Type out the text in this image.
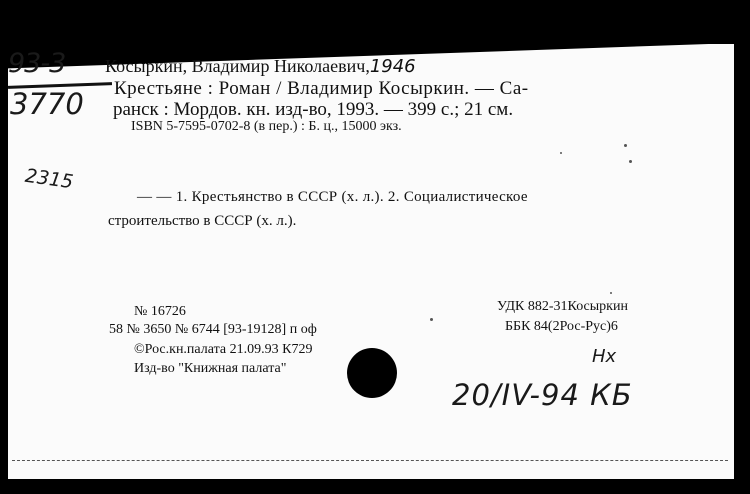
93-3
3770
Косыркин, Владимир Николаевич,1946
Крестьяне : Роман / Владимир Косыркин. — Са-
ранск : Мордов. кн. изд-во, 1993. — 399 с.; 21 см.
ISBN 5-7595-0702-8 (в пер.) : Б. ц., 15000 экз.
2315
— — 1. Крестьянство в СССР (х. л.). 2. Социалистическое
строительство в СССР (х. л.).
№ 16726
58 № 3650 № 6744 [93-19128] п оф
©Рос.кн.палата 21.09.93 К729
Изд-во "Книжная палата"
УДК 882-31Косыркин
ББК 84(2Рос-Рус)6
Нх
20/IV-94 КБ
